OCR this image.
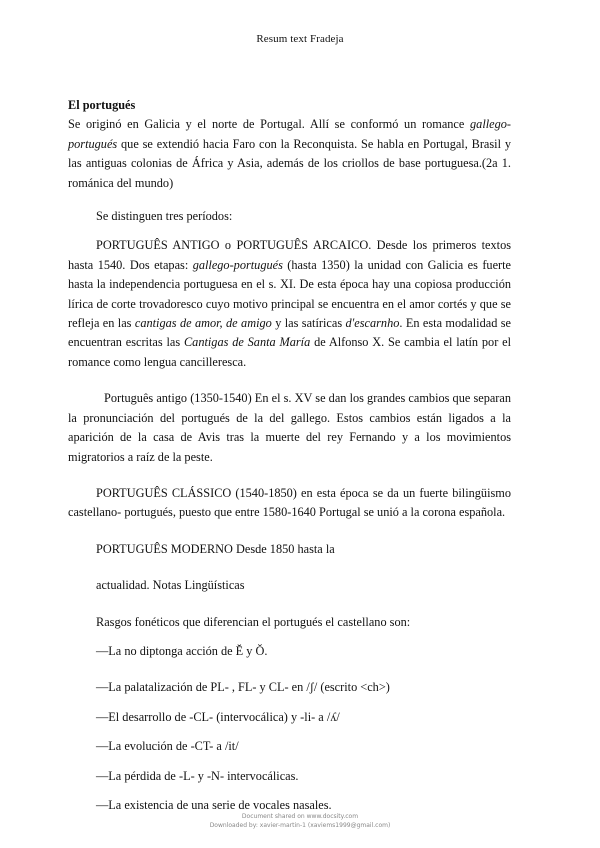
Resum text Fradeja

El portugués

Se originó en Galicia y el norte de Portugal. Allí se conformó un romance gallego-portugués que se extendió hacia Faro con la Reconquista. Se habla en Portugal, Brasil y las antiguas colonias de África y Asia, además de los criollos de base portuguesa.(2a 1. románica del mundo)

Se distinguen tres períodos:

PORTUGUÊS ANTIGO o PORTUGUÊS ARCAICO. Desde los primeros textos hasta 1540. Dos etapas: gallego-portugués (hasta 1350) la unidad con Galicia es fuerte hasta la independencia portuguesa en el s. XI. De esta época hay una copiosa producción lírica de corte trovadoresco cuyo motivo principal se encuentra en el amor cortés y que se refleja en las cantigas de amor, de amigo y las satíricas d'escarnho. En esta modalidad se encuentran escritas las Cantigas de Santa María de Alfonso X. Se cambia el latín por el romance como lengua cancilleresca.

Português antigo (1350-1540) En el s. XV se dan los grandes cambios que separan la pronunciación del portugués de la del gallego. Estos cambios están ligados a la aparición de la casa de Avis tras la muerte del rey Fernando y a los movimientos migratorios a raíz de la peste.

PORTUGUÊS CLÁSSICO (1540-1850) en esta época se da un fuerte bilingüismo castellano- portugués, puesto que entre 1580-1640 Portugal se unió a la corona española.

PORTUGUÊS MODERNO Desde 1850 hasta la

actualidad. Notas Lingüísticas

Rasgos fonéticos que diferencian el portugués el castellano son:

—La no diptonga acción de Ĕ y Ŏ.

—La palatalización de PL- , FL- y CL- en /ʃ/ (escrito <ch>)

—El desarrollo de -CL- (intervocálica) y -li- a /ʎ/

—La evolución de -CT- a /it/

—La pérdida de -L- y -N- intervocálicas.

—La existencia de una serie de vocales nasales.

Document shared on www.docsity.com
Downloaded by: xavier-martin-1 (xaviems1999@gmail.com)
